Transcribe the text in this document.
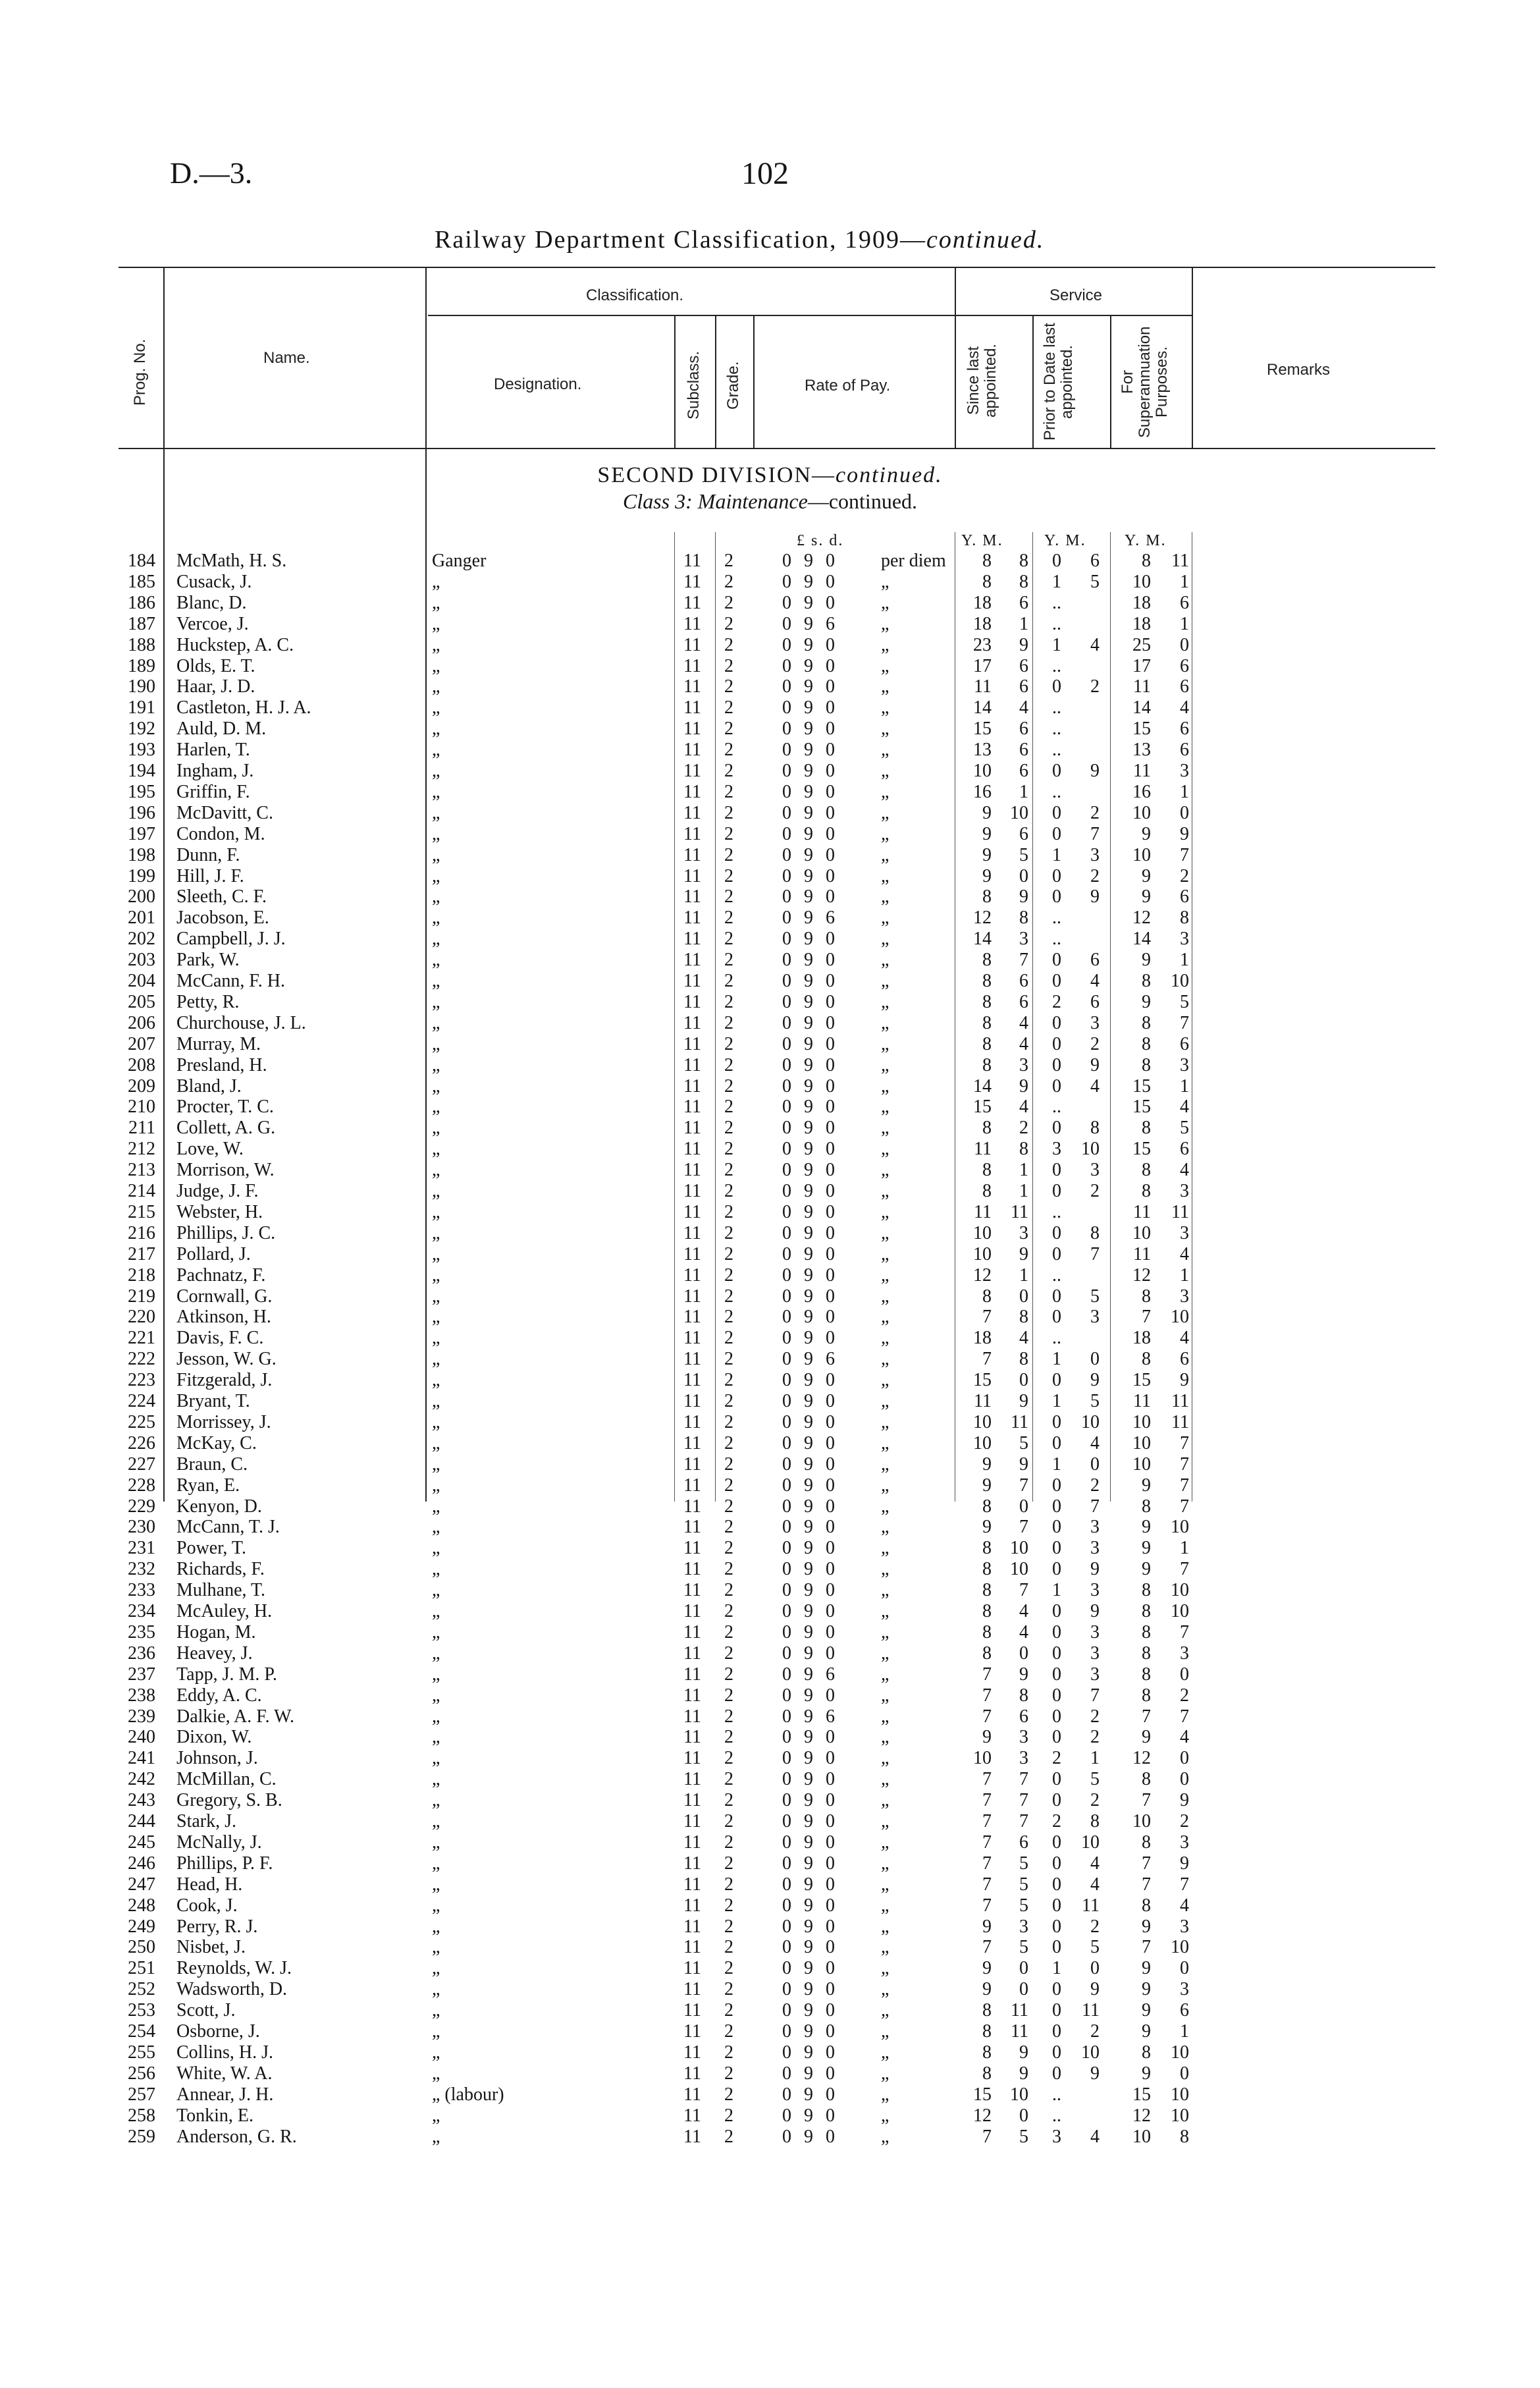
D.—3.	102
Railway Department Classification, 1909—continued.
Prog. No.	Name.
Classification.
Designation.	Subclass. Grade.	Rate of Pay.
Service
Since last appointed.	Prior to Date last appointed.	For Superannuation Purposes.	Remarks
SECOND DIVISION—continued.
Class 3: Maintenance—continued.
£ s. d.	Y. M.	Y. M. Y. M.
184 McMath, H. S.	Ganger	11 2	0 9 0 per diem	8	8	0	6	8	11
185 Cusack, J.	„	11 2	0 9 0 „	8	8	1	5	10	1
186 Blanc, D.	„	11 2	0 9 0 „	18	6	..	18	6
187 Vercoe, J.	„	11 2	0 9 6 „	18	1	..	18	1
188 Huckstep, A. C.	„	11 2	0 9 0 „	23	9	1	4	25	0
189 Olds, E. T.	„	11 2	0 9 0 „	17	6	..	17	6
190 Haar, J. D.	„	11 2	0 9 0 „	11	6	0	2	11	6
191 Castleton, H. J. A.	„	11 2	0 9 0 „	14	4	..	14	4
192 Auld, D. M.	„	11 2	0 9 0 „	15	6	..	15	6
193 Harlen, T.	„	11 2	0 9 0 „	13	6	..	13	6
194 Ingham, J.	„	11 2	0 9 0 „	10	6	0	9	11	3
195 Griffin, F.	„	11 2	0 9 0 „	16	1	..	16	1
196 McDavitt, C.	„	11 2	0 9 0 „	9	10	0	2	10	0
197 Condon, M.	„	11 2	0 9 0 „	9	6	0	7	9	9
198 Dunn, F.	„	11 2	0 9 0 „	9	5	1	3	10	7
199 Hill, J. F.	„	11 2	0 9 0 „	9	0	0	2	9	2
200 Sleeth, C. F.	„	11 2	0 9 0 „	8	9	0	9	9	6
201 Jacobson, E.	„	11 2	0 9 6 „	12	8	..	12	8
202 Campbell, J. J.	„	11 2	0 9 0 „	14	3	..	14	3
203 Park, W.	„	11 2	0 9 0 „	8	7	0	6	9	1
204 McCann, F. H.	„	11 2	0 9 0 „	8	6	0	4	8	10
205 Petty, R.	„	11 2	0 9 0 „	8	6	2	6	9	5
206 Churchouse, J. L.	„	11 2	0 9 0 „	8	4	0	3	8	7
207 Murray, M.	„	11 2	0 9 0 „	8	4	0	2	8	6
208 Presland, H.	„	11 2	0 9 0 „	8	3	0	9	8	3
209 Bland, J.	„	11 2	0 9 0 „	14	9	0	4	15	1
210 Procter, T. C.	„	11 2	0 9 0 „	15	4	..	15	4
211 Collett, A. G.	„	11 2	0 9 0 „	8	2	0	8	8	5
212 Love, W.	„	11 2	0 9 0 „	11	8	3	10	15	6
213 Morrison, W.	„	11 2	0 9 0 „	8	1	0	3	8	4
214 Judge, J. F.	„	11 2	0 9 0 „	8	1	0	2	8	3
215 Webster, H.	„	11 2	0 9 0 „	11	11	..	11	11
216 Phillips, J. C.	„	11 2	0 9 0 „	10	3	0	8	10	3
217 Pollard, J.	„	11 2	0 9 0 „	10	9	0	7	11	4
218 Pachnatz, F.	„	11 2	0 9 0 „	12	1	..	12	1
219 Cornwall, G.	„	11 2	0 9 0 „	8	0	0	5	8	3
220 Atkinson, H.	„	11 2	0 9 0 „	7	8	0	3	7	10
221 Davis, F. C.	„	11 2	0 9 0 „	18	4	..	18	4
222 Jesson, W. G.	„	11 2	0 9 6 „	7	8	1	0	8	6
223 Fitzgerald, J.	„	11 2	0 9 0 „	15	0	0	9	15	9
224 Bryant, T.	„	11 2	0 9 0 „	11	9	1	5	11	11
225 Morrissey, J.	„	11 2	0 9 0 „	10	11	0	10	10	11
226 McKay, C.	„	11 2	0 9 0 „	10	5	0	4	10	7
227 Braun, C.	„	11 2	0 9 0 „	9	9	1	0	10	7
228 Ryan, E.	„	11 2	0 9 0 „	9	7	0	2	9	7
229 Kenyon, D.	„	11 2	0 9 0 „	8	0	0	7	8	7
230 McCann, T. J.	„	11 2	0 9 0 „	9	7	0	3	9	10
231 Power, T.	„	11 2	0 9 0 „	8	10	0	3	9	1
232 Richards, F.	„	11 2	0 9 0 „	8	10	0	9	9	7
233 Mulhane, T.	„	11 2	0 9 0 „	8	7	1	3	8	10
234 McAuley, H.	„	11 2	0 9 0 „	8	4	0	9	8	10
235 Hogan, M.	„	11 2	0 9 0 „	8	4	0	3	8	7
236 Heavey, J.	„	11 2	0 9 0 „	8	0	0	3	8	3
237 Tapp, J. M. P.	„	11 2	0 9 6 „	7	9	0	3	8	0
238 Eddy, A. C.	„	11 2	0 9 0 „	7	8	0	7	8	2
239 Dalkie, A. F. W.	„	11 2	0 9 6 „	7	6	0	2	7	7
240 Dixon, W.	„	11 2	0 9 0 „	9	3	0	2	9	4
241 Johnson, J.	„	11 2	0 9 0 „	10	3	2	1	12	0
242 McMillan, C.	„	11 2	0 9 0 „	7	7	0	5	8	0
243 Gregory, S. B.	„	11 2	0 9 0 „	7	7	0	2	7	9
244 Stark, J.	„	11 2	0 9 0 „	7	7	2	8	10	2
245 McNally, J.	„	11 2	0 9 0 „	7	6	0	10	8	3
246 Phillips, P. F.	„	11 2	0 9 0 „	7	5	0	4	7	9
247 Head, H.	„	11 2	0 9 0 „	7	5	0	4	7	7
248 Cook, J.	„	11 2	0 9 0 „	7	5	0	11	8	4
249 Perry, R. J.	„	11 2	0 9 0 „	9	3	0	2	9	3
250 Nisbet, J.	„	11 2	0 9 0 „	7	5	0	5	7	10
251 Reynolds, W. J.	„	11 2	0 9 0 „	9	0	1	0	9	0
252 Wadsworth, D.	„	11 2	0 9 0 „	9	0	0	9	9	3
253 Scott, J.	„	11 2	0 9 0 „	8	11	0	11	9	6
254 Osborne, J.	„	11 2	0 9 0 „	8	11	0	2	9	1
255 Collins, H. J.	„	11 2	0 9 0 „	8	9	0	10	8	10
256 White, W. A.	„	11 2	0 9 0 „	8	9	0	9	9	0
257 Annear, J. H.	„ (labour)	11 2	0 9 0 „	15	10	..	15	10
258 Tonkin, E.	„	11 2	0 9 0 „	12	0	..	12	10
259 Anderson, G. R.	„	11 2	0 9 0 „	7	5	3	4	10	8
